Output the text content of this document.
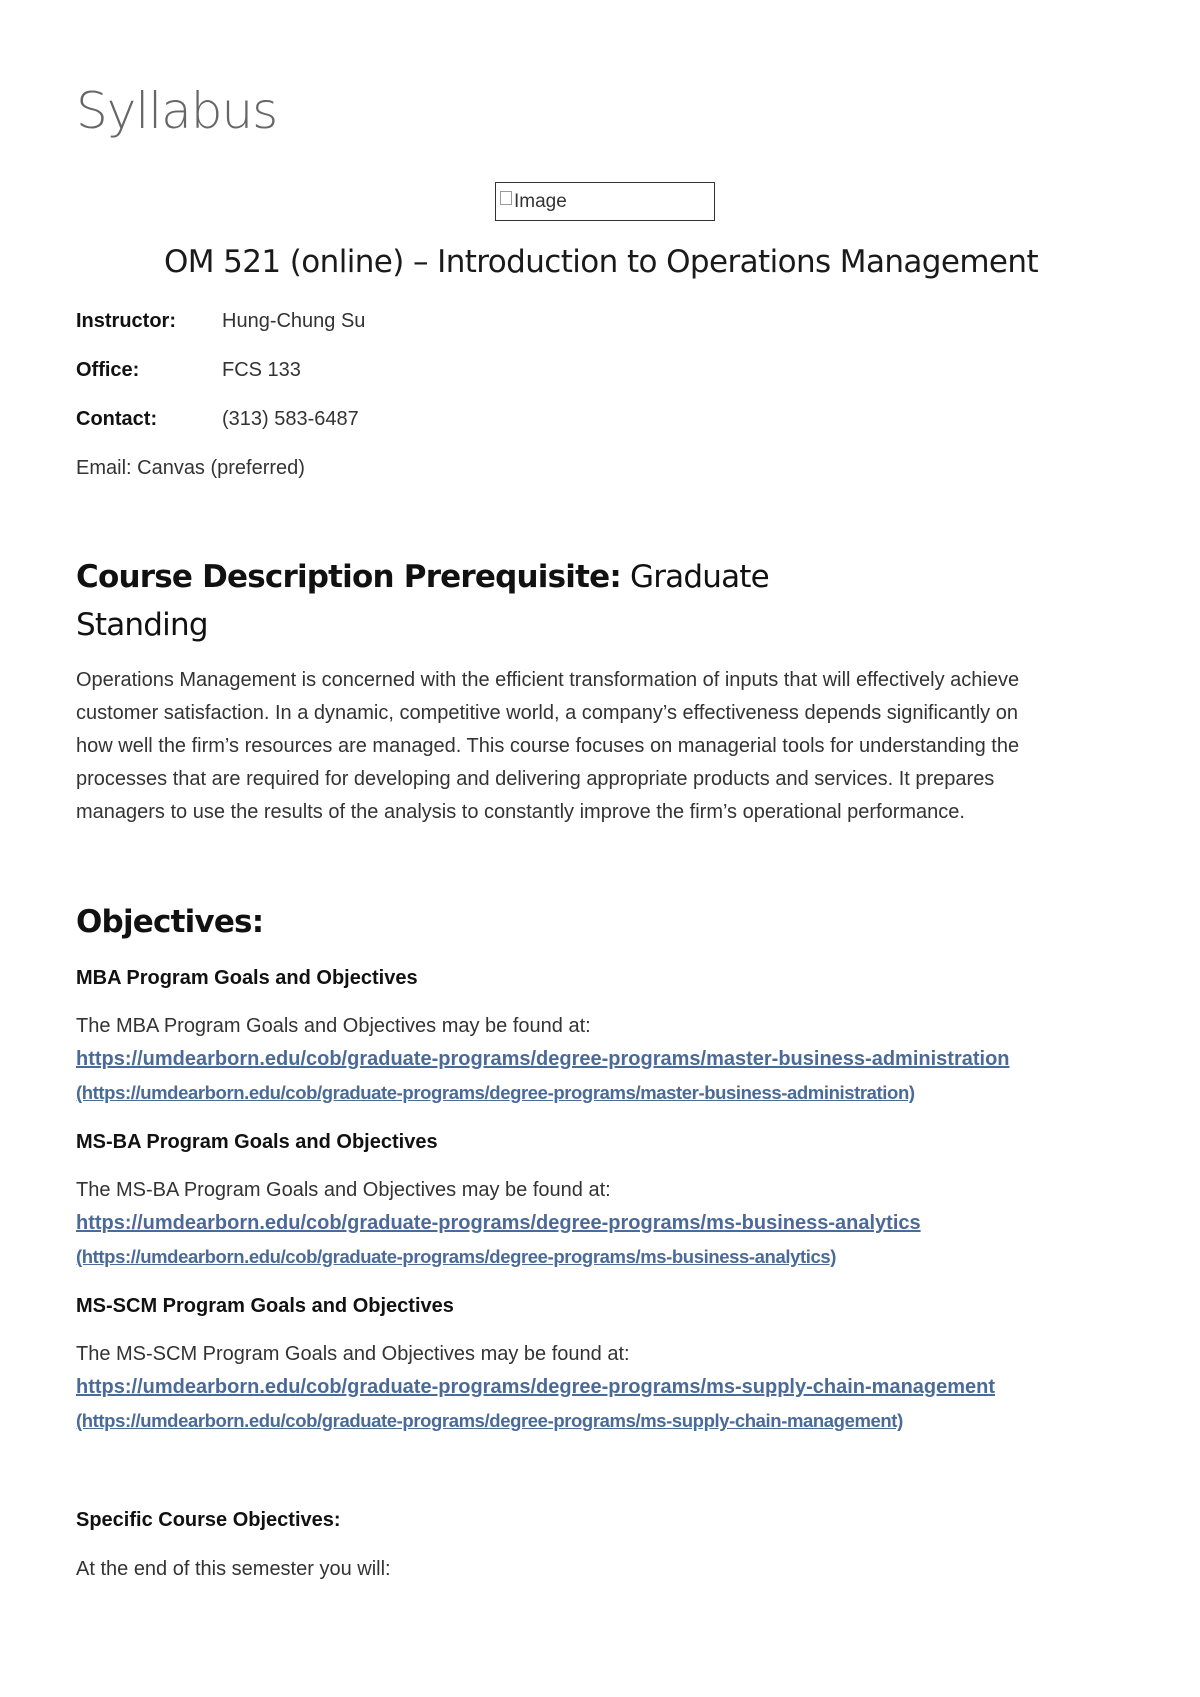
Syllabus
Image
OM 521 (online) – Introduction to Operations Management
Instructor: Hung-Chung Su
Office:	FCS 133
Contact:	(313) 583-6487
Email: Canvas (preferred)
Course Description Prerequisite: Graduate
Standing
Operations Management is concerned with the efficient transformation of inputs that will effectively achieve
customer satisfaction. In a dynamic, competitive world, a company’s effectiveness depends significantly on
how well the firm’s resources are managed. This course focuses on managerial tools for understanding the
processes that are required for developing and delivering appropriate products and services. It prepares
managers to use the results of the analysis to constantly improve the firm’s operational performance.
Objectives:
MBA Program Goals and Objectives
The MBA Program Goals and Objectives may be found at:
https://umdearborn.edu/cob/graduate-programs/degree-programs/master-business-administration
(https://umdearborn.edu/cob/graduate-programs/degree-programs/master-business-administration)
MS-BA Program Goals and Objectives
The MS-BA Program Goals and Objectives may be found at:
https://umdearborn.edu/cob/graduate-programs/degree-programs/ms-business-analytics
(https://umdearborn.edu/cob/graduate-programs/degree-programs/ms-business-analytics)
MS-SCM Program Goals and Objectives
The MS-SCM Program Goals and Objectives may be found at:
https://umdearborn.edu/cob/graduate-programs/degree-programs/ms-supply-chain-management
(https://umdearborn.edu/cob/graduate-programs/degree-programs/ms-supply-chain-management)
Specific Course Objectives:
At the end of this semester you will:
